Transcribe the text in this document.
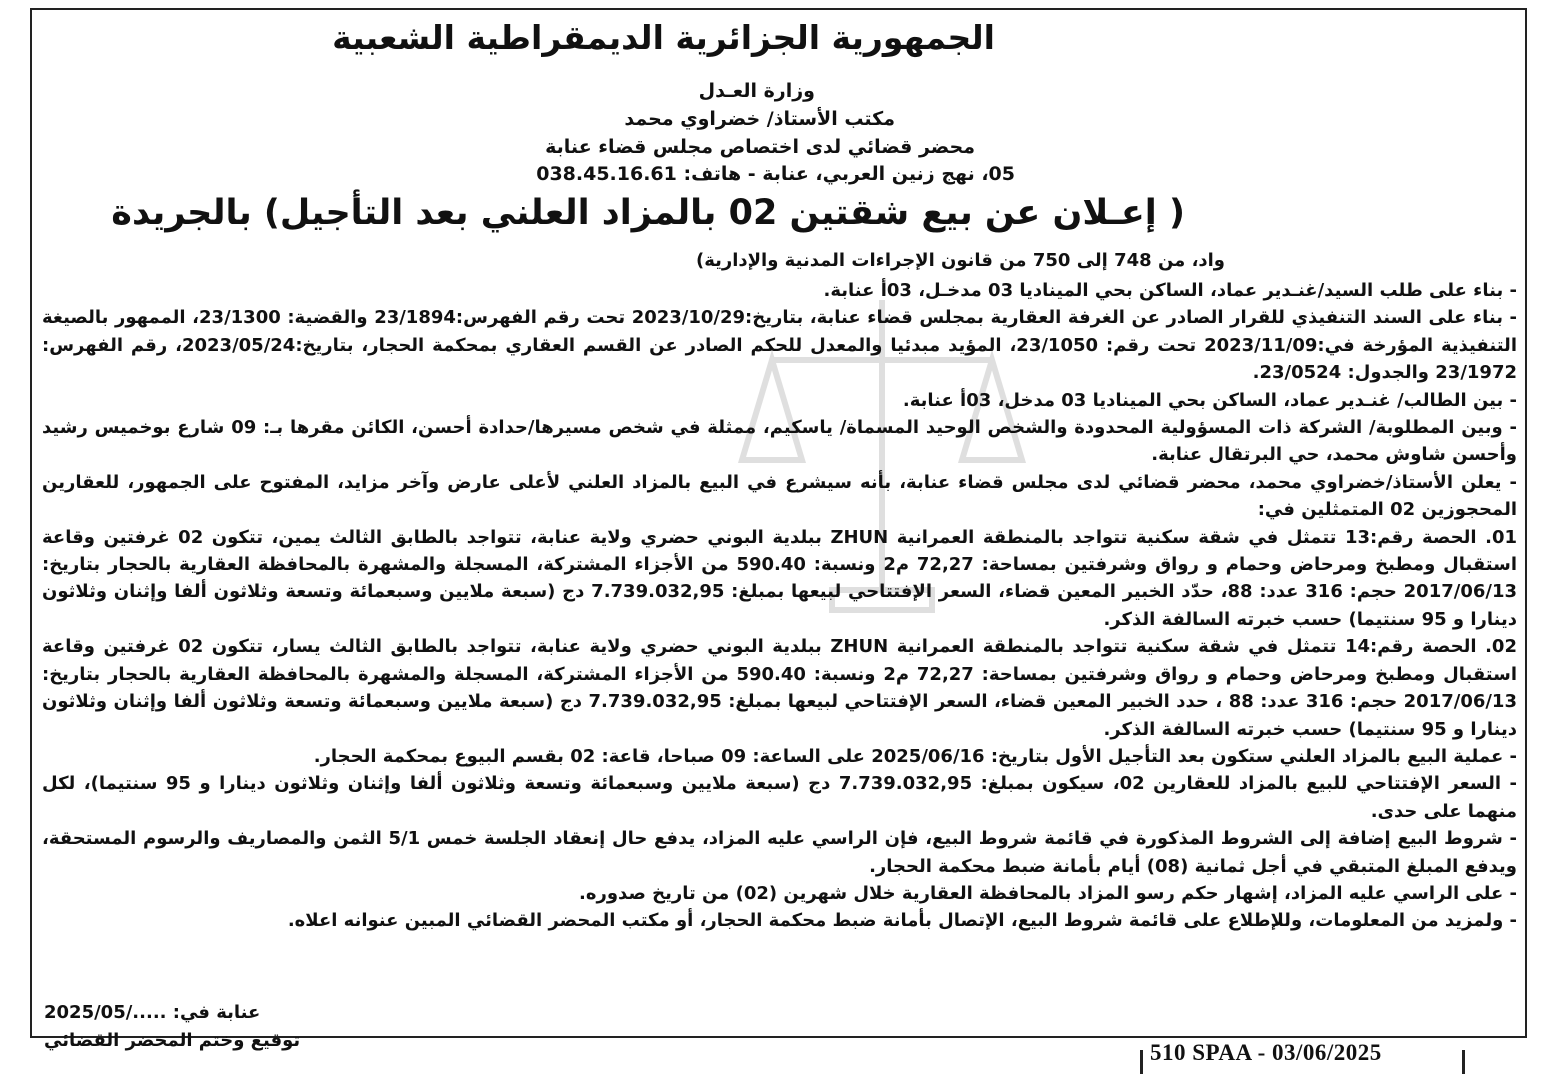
الجمهورية الجزائرية الديمقراطية الشعبية
وزارة العـدل
مكتب الأستاذ/ خضراوي محمد
محضر قضائي لدى اختصاص مجلس قضاء عنابة
05، نهج زنين العربي، عنابة - هاتف: 038.45.16.61
( إعـلان عن بيع شقتين 02 بالمزاد العلني بعد التأجيل) بالجريدة
واد، من 748 إلى 750 من قانون الإجراءات المدنية والإدارية)

- بناء على طلب السيد/غنـدير عماد، الساكن بحي الميناديا 03 مدخـل، 03أ عنابة.

- بناء على السند التنفيذي للقرار الصادر عن الغرفة العقارية بمجلس قضاء عنابة، بتاريخ:2023/10/29 تحت رقم الفهرس:23/1894 والقضية: 23/1300، الممهور بالصيغة التنفيذية المؤرخة في:2023/11/09 تحت رقم: 23/1050، المؤيد مبدئيا والمعدل للحكم الصادر عن القسم العقاري بمحكمة الحجار، بتاريخ:2023/05/24، رقم الفهرس: 23/1972 والجدول: 23/0524.

- بين الطالب/ غنـدير عماد، الساكن بحي الميناديا 03 مدخل، 03أ عنابة.

- وبين المطلوبة/ الشركة ذات المسؤولية المحدودة والشخص الوحيد المسماة/ ياسكيم، ممثلة في شخص مسيرها/حدادة أحسن، الكائن مقرها بـ: 09 شارع بوخميس رشيد وأحسن شاوش محمد، حي البرتقال عنابة.

- يعلن الأستاذ/خضراوي محمد، محضر قضائي لدى مجلس قضاء عنابة، بأنه سيشرع في البيع بالمزاد العلني لأعلى عارض وآخر مزايد، المفتوح على الجمهور، للعقارين المحجوزين 02 المتمثلين في:

01. الحصة رقم:13 تتمثل في شقة سكنية تتواجد بالمنطقة العمرانية ZHUN ببلدية البوني حضري ولاية عنابة، تتواجد بالطابق الثالث يمين، تتكون 02 غرفتين وقاعة استقبال ومطبخ ومرحاض وحمام و رواق وشرفتين بمساحة: 72,27 م2 ونسبة: 590.40 من الأجزاء المشتركة، المسجلة والمشهرة بالمحافظة العقارية بالحجار بتاريخ: 2017/06/13 حجم: 316 عدد: 88، حدّد الخبير المعين قضاء، السعر الإفتتاحي لبيعها بمبلغ: 7.739.032,95 دج (سبعة ملايين وسبعمائة وتسعة وثلاثون ألفا وإثنان وثلاثون دينارا و 95 سنتيما) حسب خبرته السالفة الذكر.

02. الحصة رقم:14 تتمثل في شقة سكنية تتواجد بالمنطقة العمرانية ZHUN ببلدية البوني حضري ولاية عنابة، تتواجد بالطابق الثالث يسار، تتكون 02 غرفتين وقاعة استقبال ومطبخ ومرحاض وحمام و رواق وشرفتين بمساحة: 72,27 م2 ونسبة: 590.40 من الأجزاء المشتركة، المسجلة والمشهرة بالمحافظة العقارية بالحجار بتاريخ: 2017/06/13 حجم: 316 عدد: 88 ، حدد الخبير المعين قضاء، السعر الإفتتاحي لبيعها بمبلغ: 7.739.032,95 دج (سبعة ملايين وسبعمائة وتسعة وثلاثون ألفا وإثنان وثلاثون دينارا و 95 سنتيما) حسب خبرته السالفة الذكر.

- عملية البيع بالمزاد العلني ستكون بعد التأجيل الأول بتاريخ: 2025/06/16 على الساعة: 09 صباحا، قاعة: 02 بقسم البيوع بمحكمة الحجار.

- السعر الإفتتاحي للبيع بالمزاد للعقارين 02، سيكون بمبلغ: 7.739.032,95 دج (سبعة ملايين وسبعمائة وتسعة وثلاثون ألفا وإثنان وثلاثون دينارا و 95 سنتيما)، لكل منهما على حدى.

- شروط البيع إضافة إلى الشروط المذكورة في قائمة شروط البيع، فإن الراسي عليه المزاد، يدفع حال إنعقاد الجلسة خمس 5/1 الثمن والمصاريف والرسوم المستحقة، ويدفع المبلغ المتبقي في أجل ثمانية (08) أيام بأمانة ضبط محكمة الحجار.

- على الراسي عليه المزاد، إشهار حكم رسو المزاد بالمحافظة العقارية خلال شهرين (02) من تاريخ صدوره.

- ولمزيد من المعلومات، وللإطلاع على قائمة شروط البيع، الإتصال بأمانة ضبط محكمة الحجار، أو مكتب المحضر القضائي المبين عنوانه اعلاه.

عنابة في: ...../2025/05
توقيع وختم المحضر القضائي	510 SPAA - 03/06/2025
